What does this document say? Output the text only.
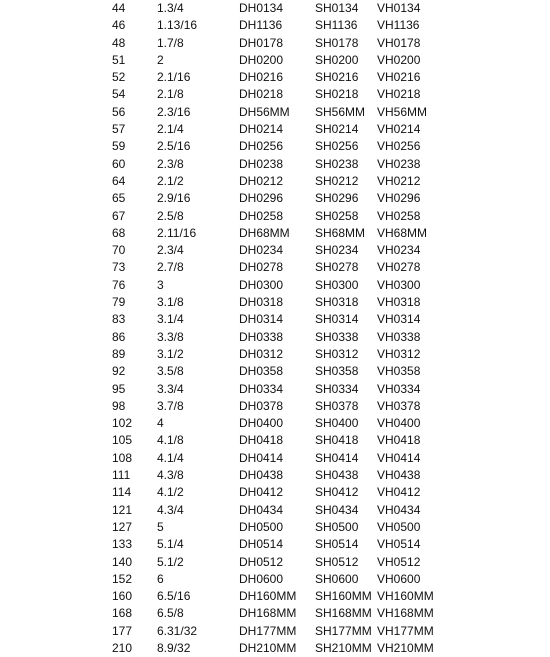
44	1.3/4	DH0134	SH0134 VH0134
46	1.13/16	DH1136	SH1136 VH1136
48	1.7/8	DH0178	SH0178 VH0178
51	2	DH0200	SH0200 VH0200
52	2.1/16	DH0216	SH0216 VH0216
54	2.1/8	DH0218	SH0218 VH0218
56	2.3/16	DH56MM SH56MM VH56MM
57	2.1/4	DH0214	SH0214 VH0214
59	2.5/16	DH0256	SH0256 VH0256
60	2.3/8	DH0238	SH0238 VH0238
64	2.1/2	DH0212	SH0212 VH0212
65	2.9/16	DH0296	SH0296 VH0296
67	2.5/8	DH0258	SH0258 VH0258
68	2.11/16	DH68MM SH68MM VH68MM
70	2.3/4	DH0234	SH0234 VH0234
73	2.7/8	DH0278	SH0278 VH0278
76	3	DH0300	SH0300 VH0300
79	3.1/8	DH0318	SH0318 VH0318
83	3.1/4	DH0314	SH0314 VH0314
86	3.3/8	DH0338	SH0338 VH0338
89	3.1/2	DH0312	SH0312 VH0312
92	3.5/8	DH0358	SH0358 VH0358
95	3.3/4	DH0334	SH0334 VH0334
98	3.7/8	DH0378	SH0378 VH0378
102 4	DH0400	SH0400 VH0400
105 4.1/8	DH0418	SH0418 VH0418
108 4.1/4	DH0414	SH0414 VH0414
111 4.3/8	DH0438	SH0438 VH0438
114 4.1/2	DH0412	SH0412 VH0412
121 4.3/4	DH0434	SH0434 VH0434
127 5	DH0500	SH0500 VH0500
133 5.1/4	DH0514	SH0514 VH0514
140 5.1/2	DH0512	SH0512 VH0512
152 6	DH0600	SH0600 VH0600
160 6.5/16	DH160MM SH160MM VH160MM
168 6.5/8	DH168MM SH168MM VH168MM
177 6.31/32	DH177MM SH177MM VH177MM
210 8.9/32	DH210MM SH210MM VH210MM
